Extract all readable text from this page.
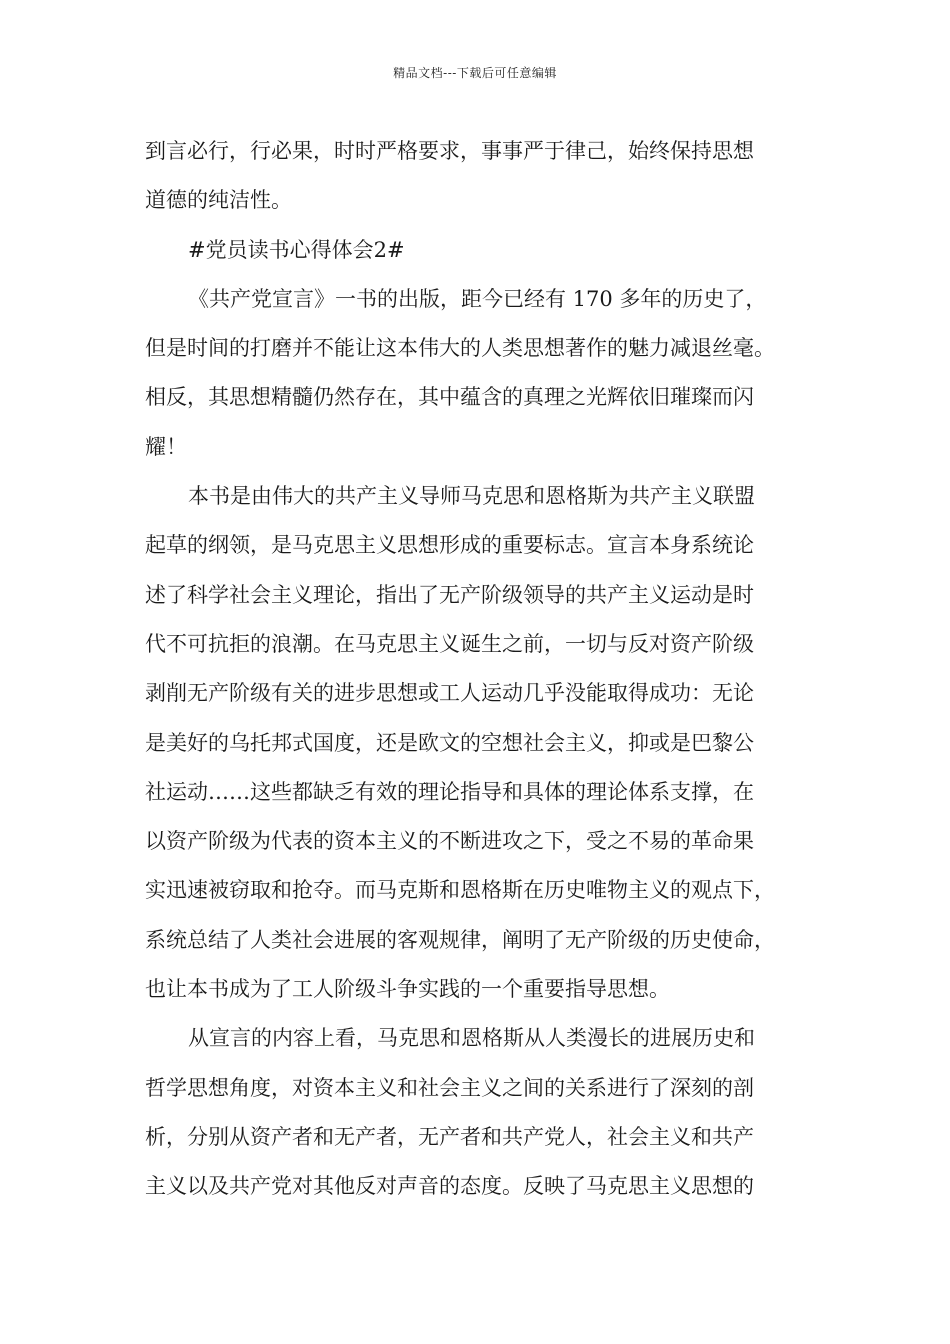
精品文档---下载后可任意编辑
到言必行，行必果，时时严格要求，事事严于律己，始终保持思想
道德的纯洁性。
#党员读书心得体会2#
《共产党宣言》一书的出版，距今已经有 170 多年的历史了，
但是时间的打磨并不能让这本伟大的人类思想著作的魅力减退丝毫。
相反，其思想精髓仍然存在，其中蕴含的真理之光辉依旧璀璨而闪
耀！
本书是由伟大的共产主义导师马克思和恩格斯为共产主义联盟
起草的纲领，是马克思主义思想形成的重要标志。宣言本身系统论
述了科学社会主义理论，指出了无产阶级领导的共产主义运动是时
代不可抗拒的浪潮。在马克思主义诞生之前，一切与反对资产阶级
剥削无产阶级有关的进步思想或工人运动几乎没能取得成功：无论
是美好的乌托邦式国度，还是欧文的空想社会主义，抑或是巴黎公
社运动……这些都缺乏有效的理论指导和具体的理论体系支撑，在
以资产阶级为代表的资本主义的不断进攻之下，受之不易的革命果
实迅速被窃取和抢夺。而马克斯和恩格斯在历史唯物主义的观点下，
系统总结了人类社会进展的客观规律，阐明了无产阶级的历史使命，
也让本书成为了工人阶级斗争实践的一个重要指导思想。
从宣言的内容上看，马克思和恩格斯从人类漫长的进展历史和
哲学思想角度，对资本主义和社会主义之间的关系进行了深刻的剖
析，分别从资产者和无产者，无产者和共产党人，社会主义和共产
主义以及共产党对其他反对声音的态度。反映了马克思主义思想的
